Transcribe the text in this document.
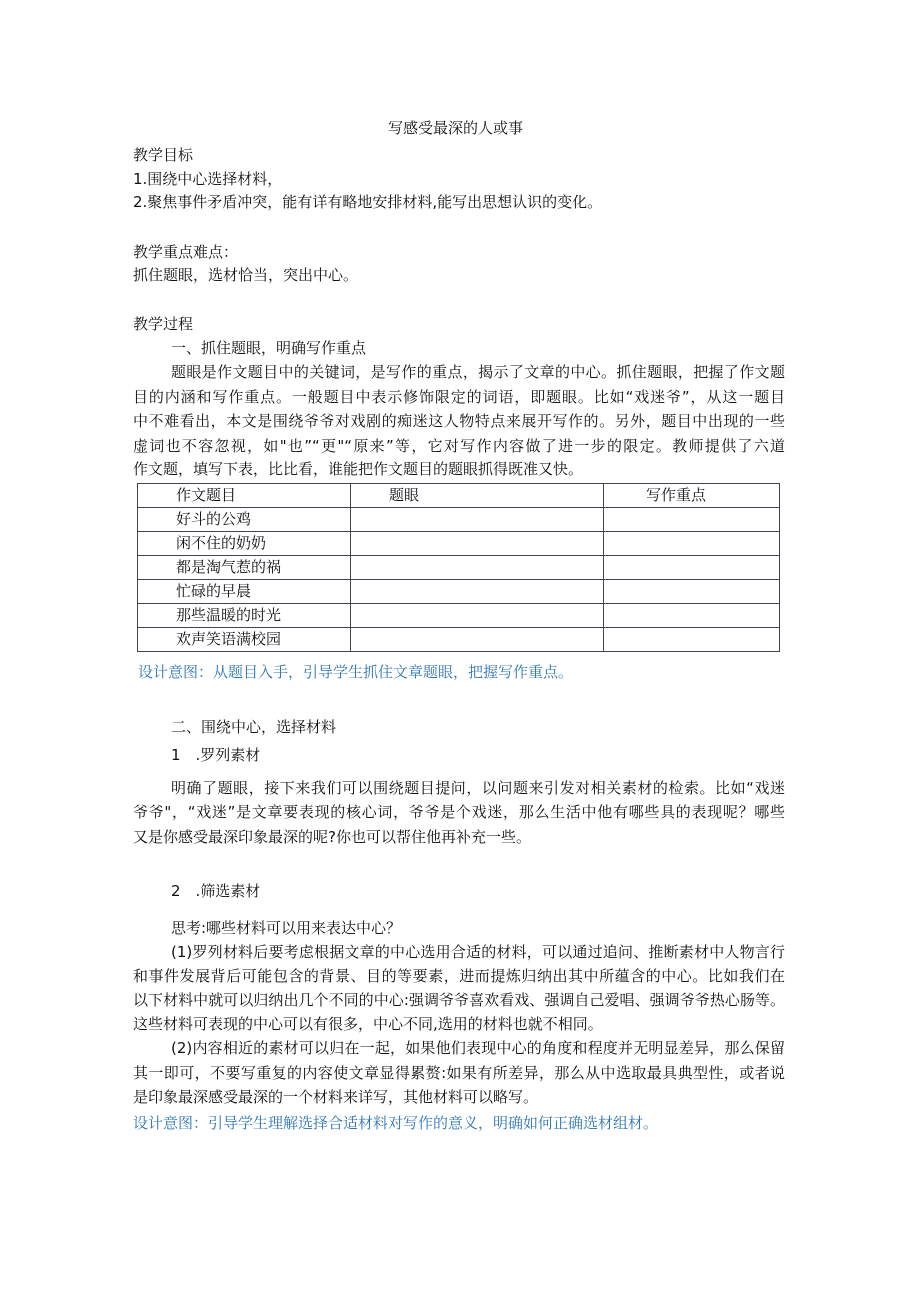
写感受最深的人或事
教学目标
1.围绕中心选择材料，
2.聚焦事件矛盾冲突，能有详有略地安排材料,能写出思想认识的变化。
教学重点难点：
抓住题眼，选材恰当，突出中心。
教学过程
一、抓住题眼，明确写作重点
题眼是作文题目中的关键词，是写作的重点，揭示了文章的中心。抓住题眼，把握了作文题
目的内涵和写作重点。一般题目中表示修饰限定的词语，即题眼。比如“戏迷爷”，从这一题目
中不难看出，本文是围绕爷爷对戏剧的痴迷这人物特点来展开写作的。另外，题目中出现的一些
虚词也不容忽视，如"也”“更"“原来”等，它对写作内容做了进一步的限定。教师提供了六道
作文题，填写下表，比比看，谁能把作文题目的题眼抓得既准又快。
作文题目	题眼	写作重点
好斗的公鸡		
闲不住的奶奶		
都是淘气惹的祸		
忙碌的早晨		
那些温暖的时光		
欢声笑语满校园		
设计意图：从题目入手，引导学生抓住文章题眼，把握写作重点。
二、围绕中心，选择材料
1　.罗列素材
明确了题眼，接下来我们可以围绕题目提问，以问题来引发对相关素材的检索。比如“戏迷
爷爷"，“戏迷”是文章要表现的核心词，爷爷是个戏迷，那么生活中他有哪些具的表现呢？哪些
又是你感受最深印象最深的呢?你也可以帮住他再补充一些。
2　.筛选素材
思考:哪些材料可以用来表达中心？
(1)罗列材料后要考虑根据文章的中心选用合适的材料，可以通过追问、推断素材中人物言行
和事件发展背后可能包含的背景、目的等要素，进而提炼归纳出其中所蕴含的中心。比如我们在
以下材料中就可以归纳出几个不同的中心:强调爷爷喜欢看戏、强调自己爱唱、强调爷爷热心肠等。
这些材料可表现的中心可以有很多，中心不同,选用的材料也就不相同。
(2)内容相近的素材可以归在一起，如果他们表现中心的角度和程度并无明显差异，那么保留
其一即可，不要写重复的内容使文章显得累赘:如果有所差异，那么从中选取最具典型性，或者说
是印象最深感受最深的一个材料来详写，其他材料可以略写。
设计意图：引导学生理解选择合适材料对写作的意义，明确如何正确选材组材。
